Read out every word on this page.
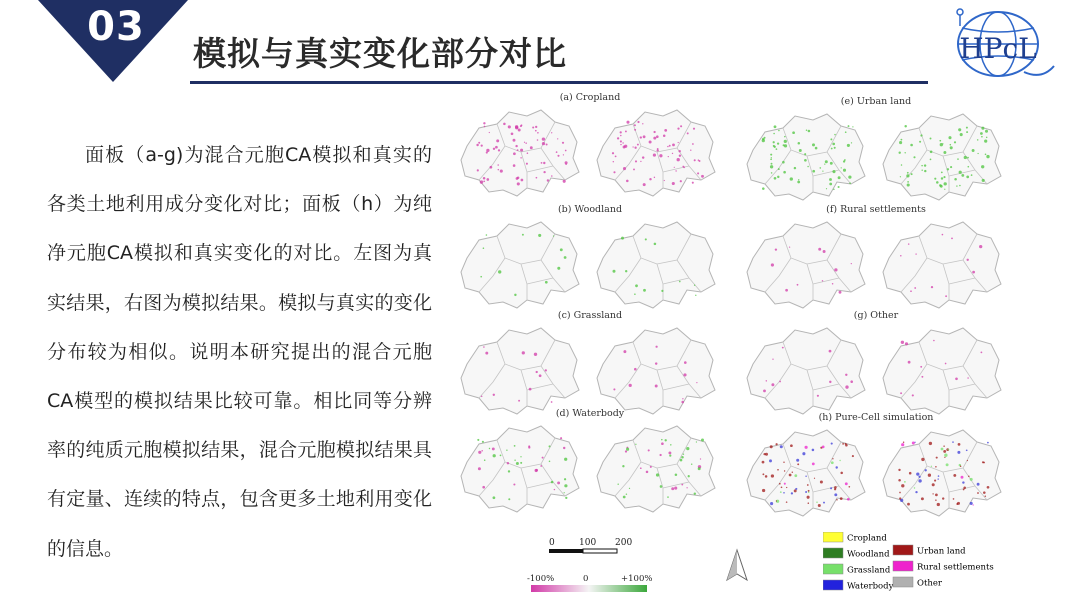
03
模拟与真实变化部分对比	HPcL

面板（a-g)为混合元胞CA模拟和真实的各类土地利用成分变化对比；面板（h）为纯净元胞CA模拟和真实变化的对比。左图为真实结果，右图为模拟结果。模拟与真实的变化分布较为相似。说明本研究提出的混合元胞CA模型的模拟结果比较可靠。相比同等分辨率的纯质元胞模拟结果，混合元胞模拟结果具有定量、连续的特点，包含更多土地利用变化的信息。

(a) Cropland	(e) Urban land
(b) Woodland	(f) Rural settlements
(c) Grassland	(g) Other
(d) Waterbody	(h) Pure-Cell simulation
0	100 200
-100%	0	+100%
Cropland
Woodland
Grassland
Waterbody
Urban land
Rural settlements
Other
